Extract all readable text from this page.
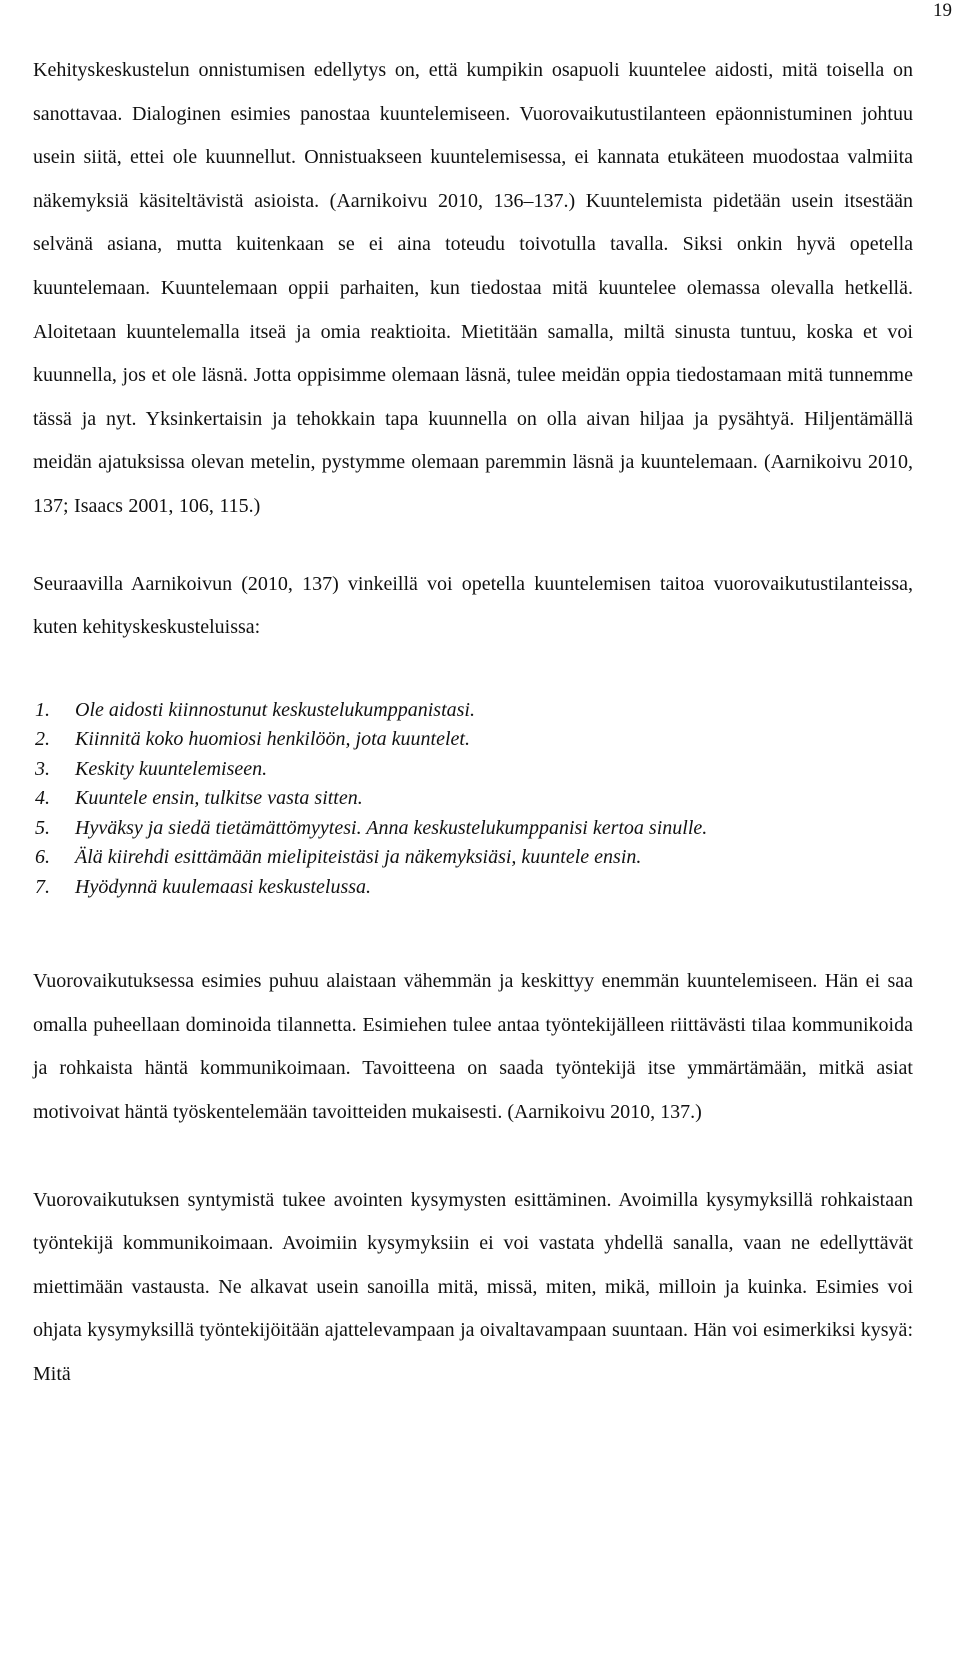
19

Kehityskeskustelun onnistumisen edellytys on, että kumpikin osapuoli kuuntelee aidosti, mitä toisella on sanottavaa. Dialoginen esimies panostaa kuuntelemiseen. Vuorovaikutustilanteen epäonnistuminen johtuu usein siitä, ettei ole kuunnellut. Onnistuakseen kuuntelemisessa, ei kannata etukäteen muodostaa valmiita näkemyksiä käsiteltävistä asioista. (Aarnikoivu 2010, 136–137.) Kuuntelemista pidetään usein itsestään selvänä asiana, mutta kuitenkaan se ei aina toteudu toivotulla tavalla. Siksi onkin hyvä opetella kuuntelemaan. Kuuntelemaan oppii parhaiten, kun tiedostaa mitä kuuntelee olemassa olevalla hetkellä. Aloitetaan kuuntelemalla itseä ja omia reaktioita. Mietitään samalla, miltä sinusta tuntuu, koska et voi kuunnella, jos et ole läsnä. Jotta oppisimme olemaan läsnä, tulee meidän oppia tiedostamaan mitä tunnemme tässä ja nyt. Yksinkertaisin ja tehokkain tapa kuunnella on olla aivan hiljaa ja pysähtyä. Hiljentämällä meidän ajatuksissa olevan metelin, pystymme olemaan paremmin läsnä ja kuuntelemaan. (Aarnikoivu 2010, 137; Isaacs 2001, 106, 115.)

Seuraavilla Aarnikoivun (2010, 137) vinkeillä voi opetella kuuntelemisen taitoa vuorovaikutustilanteissa, kuten kehityskeskusteluissa:

1.	Ole aidosti kiinnostunut keskustelukumppanistasi.
2.	Kiinnitä koko huomiosi henkilöön, jota kuuntelet.
3.	Keskity kuuntelemiseen.
4.	Kuuntele ensin, tulkitse vasta sitten.
5.	Hyväksy ja siedä tietämättömyytesi. Anna keskustelukumppanisi kertoa sinulle.
6.	Älä kiirehdi esittämään mielipiteistäsi ja näkemyksiäsi, kuuntele ensin.
7.	Hyödynnä kuulemaasi keskustelussa.

Vuorovaikutuksessa esimies puhuu alaistaan vähemmän ja keskittyy enemmän kuuntelemiseen. Hän ei saa omalla puheellaan dominoida tilannetta. Esimiehen tulee antaa työntekijälleen riittävästi tilaa kommunikoida ja rohkaista häntä kommunikoimaan. Tavoitteena on saada työntekijä itse ymmärtämään, mitkä asiat motivoivat häntä työskentelemään tavoitteiden mukaisesti. (Aarnikoivu 2010, 137.)

Vuorovaikutuksen syntymistä tukee avointen kysymysten esittäminen. Avoimilla kysymyksillä rohkaistaan työntekijä kommunikoimaan. Avoimiin kysymyksiin ei voi vastata yhdellä sanalla, vaan ne edellyttävät miettimään vastausta. Ne alkavat usein sanoilla mitä, missä, miten, mikä, milloin ja kuinka. Esimies voi ohjata kysymyksillä työntekijöitään ajattelevampaan ja oivaltavampaan suuntaan. Hän voi esimerkiksi kysyä: Mitä
